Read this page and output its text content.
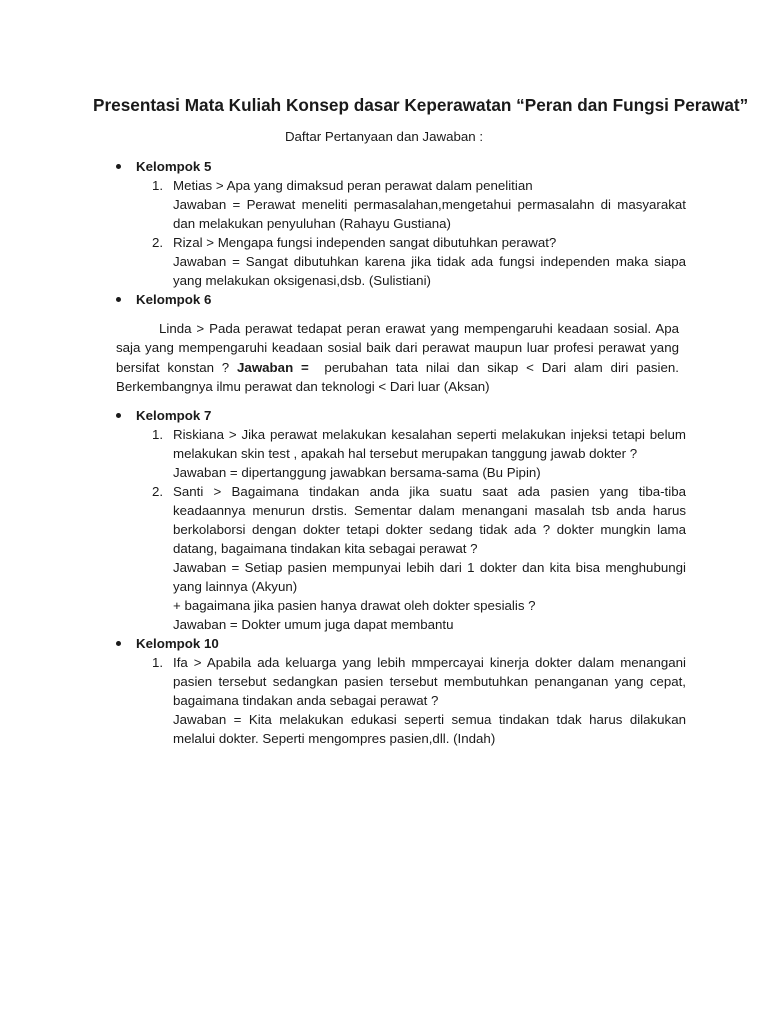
Presentasi Mata Kuliah Konsep dasar Keperawatan “Peran dan Fungsi Perawat”

Daftar Pertanyaan dan Jawaban :

Kelompok 5
1. Metias > Apa yang dimaksud peran perawat dalam penelitian

Jawaban = Perawat meneliti permasalahan,mengetahui permasalahn di masyarakat dan melakukan penyuluhan (Rahayu Gustiana)

2. Rizal > Mengapa fungsi independen sangat dibutuhkan perawat?

Jawaban = Sangat dibutuhkan karena jika tidak ada fungsi independen maka siapa yang melakukan oksigenasi,dsb. (Sulistiani)

Kelompok 6

Linda > Pada perawat tedapat peran erawat yang mempengaruhi keadaan sosial. Apa saja yang mempengaruhi keadaan sosial baik dari perawat maupun luar profesi perawat yang bersifat konstan ? Jawaban = perubahan tata nilai dan sikap < Dari alam diri pasien. Berkembangnya ilmu perawat dan teknologi < Dari luar (Aksan)

Kelompok 7
1. Riskiana > Jika perawat melakukan kesalahan seperti melakukan injeksi tetapi belum melakukan skin test , apakah hal tersebut merupakan tanggung jawab dokter ?

Jawaban = dipertanggung jawabkan bersama-sama (Bu Pipin)

2. Santi > Bagaimana tindakan anda jika suatu saat ada pasien yang tiba-tiba keadaannya menurun drstis. Sementar dalam menangani masalah tsb anda harus berkolaborsi dengan dokter tetapi dokter sedang tidak ada ? dokter mungkin lama datang, bagaimana tindakan kita sebagai perawat ?

Jawaban = Setiap pasien mempunyai lebih dari 1 dokter dan kita bisa menghubungi yang lainnya (Akyun)

+ bagaimana jika pasien hanya drawat oleh dokter spesialis ?

Jawaban = Dokter umum juga dapat membantu

Kelompok 10
1. Ifa > Apabila ada keluarga yang lebih mmpercayai kinerja dokter dalam menangani pasien tersebut sedangkan pasien tersebut membutuhkan penanganan yang cepat, bagaimana tindakan anda sebagai perawat ?

Jawaban = Kita melakukan edukasi seperti semua tindakan tdak harus dilakukan melalui dokter. Seperti mengompres pasien,dll. (Indah)
